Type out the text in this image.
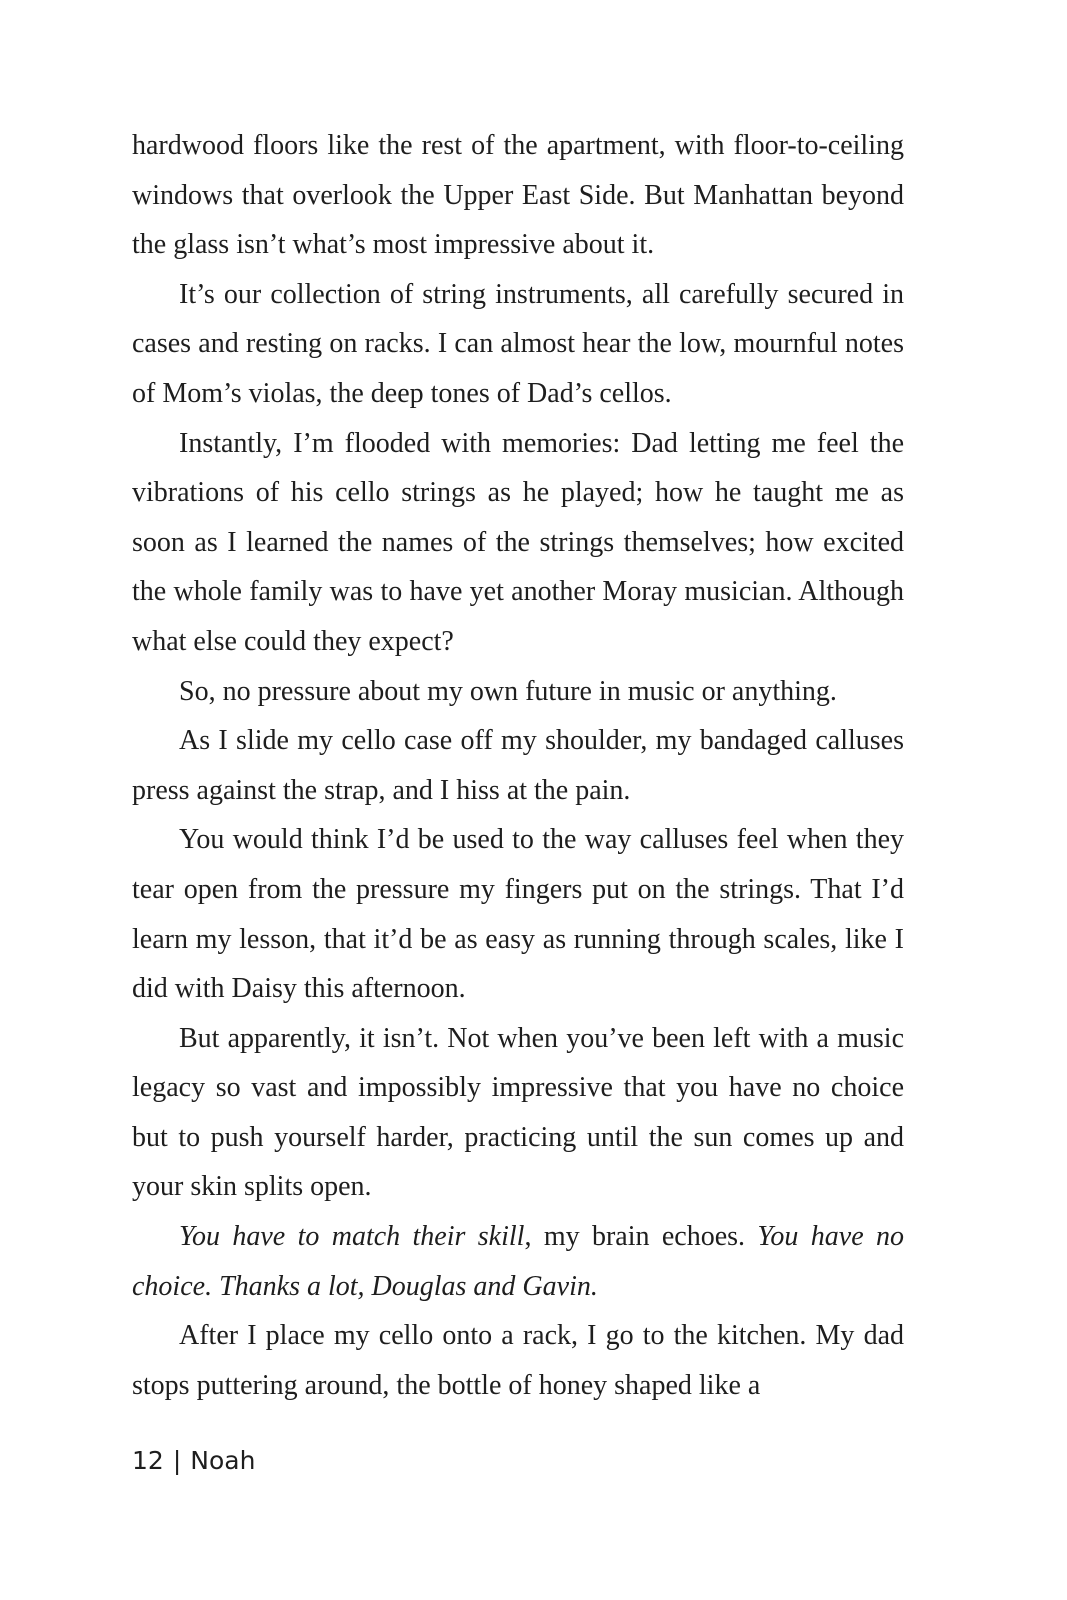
hardwood floors like the rest of the apartment, with floor-to-ceiling windows that overlook the Upper East Side. But Manhattan beyond the glass isn’t what’s most impressive about it.

It’s our collection of string instruments, all carefully secured in cases and resting on racks. I can almost hear the low, mournful notes of Mom’s violas, the deep tones of Dad’s cellos.

Instantly, I’m flooded with memories: Dad letting me feel the vibrations of his cello strings as he played; how he taught me as soon as I learned the names of the strings themselves; how excited the whole family was to have yet another Moray musician. Although what else could they expect?

So, no pressure about my own future in music or anything.

As I slide my cello case off my shoulder, my bandaged calluses press against the strap, and I hiss at the pain.

You would think I’d be used to the way calluses feel when they tear open from the pressure my fingers put on the strings. That I’d learn my lesson, that it’d be as easy as running through scales, like I did with Daisy this afternoon.

But apparently, it isn’t. Not when you’ve been left with a music legacy so vast and impossibly impressive that you have no choice but to push yourself harder, practicing until the sun comes up and your skin splits open.

You have to match their skill, my brain echoes. You have no choice. Thanks a lot, Douglas and Gavin.

After I place my cello onto a rack, I go to the kitchen. My dad stops puttering around, the bottle of honey shaped like a

12 | Noah
